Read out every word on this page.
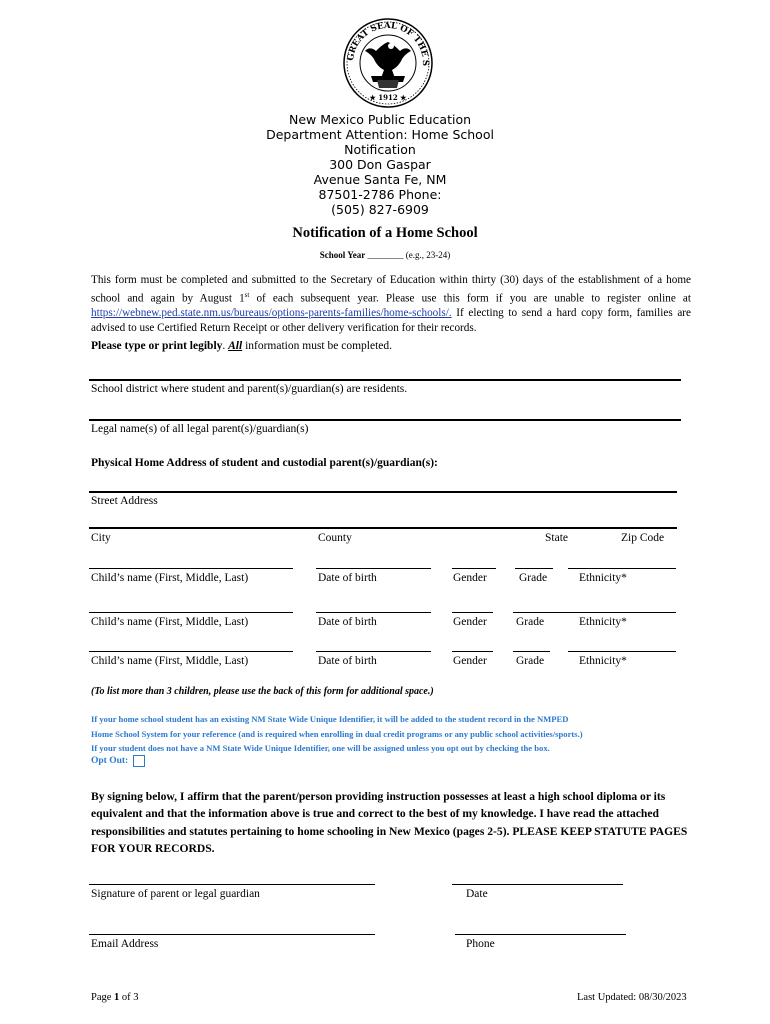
GREAT SEAL OF THE S
★ 1912 ★
New Mexico Public Education
Department Attention: Home School
Notification
300 Don Gaspar
Avenue Santa Fe, NM
87501-2786 Phone:
(505) 827-6909
Notification of a Home School
School Year ________ (e.g., 23-24)
This form must be completed and submitted to the Secretary of Education within thirty (30) days of the establishment of a home school and again by August 1st of each subsequent year. Please use this form if you are unable to register online at https://webnew.ped.state.nm.us/bureaus/options-parents-families/home-schools/. If electing to send a hard copy form, families are advised to use Certified Return Receipt or other delivery verification for their records.
Please type or print legibly. All information must be completed.
School district where student and parent(s)/guardian(s) are residents.
Legal name(s) of all legal parent(s)/guardian(s)
Physical Home Address of student and custodial parent(s)/guardian(s):
Street Address
City	County	State	Zip Code
Child’s name (First, Middle, Last)	Date of birth	Gender	Grade	Ethnicity*
Child’s name (First, Middle, Last)	Date of birth	Gender	Grade	Ethnicity*
Child’s name (First, Middle, Last)	Date of birth	Gender	Grade	Ethnicity*
(To list more than 3 children, please use the back of this form for additional space.)
If your home school student has an existing NM State Wide Unique Identifier, it will be added to the student record in the NMPED
Home School System for your reference (and is required when enrolling in dual credit programs or any public school activities/sports.)
If your student does not have a NM State Wide Unique Identifier, one will be assigned unless you opt out by checking the box.
Opt Out:
By signing below, I affirm that the parent/person providing instruction possesses at least a high school diploma or its equivalent and that the information above is true and correct to the best of my knowledge. I have read the attached responsibilities and statutes pertaining to home schooling in New Mexico (pages 2-5). PLEASE KEEP STATUTE PAGES FOR YOUR RECORDS.
Signature of parent or legal guardian	Date
Email Address	Phone
Page 1 of 3	Last Updated: 08/30/2023
